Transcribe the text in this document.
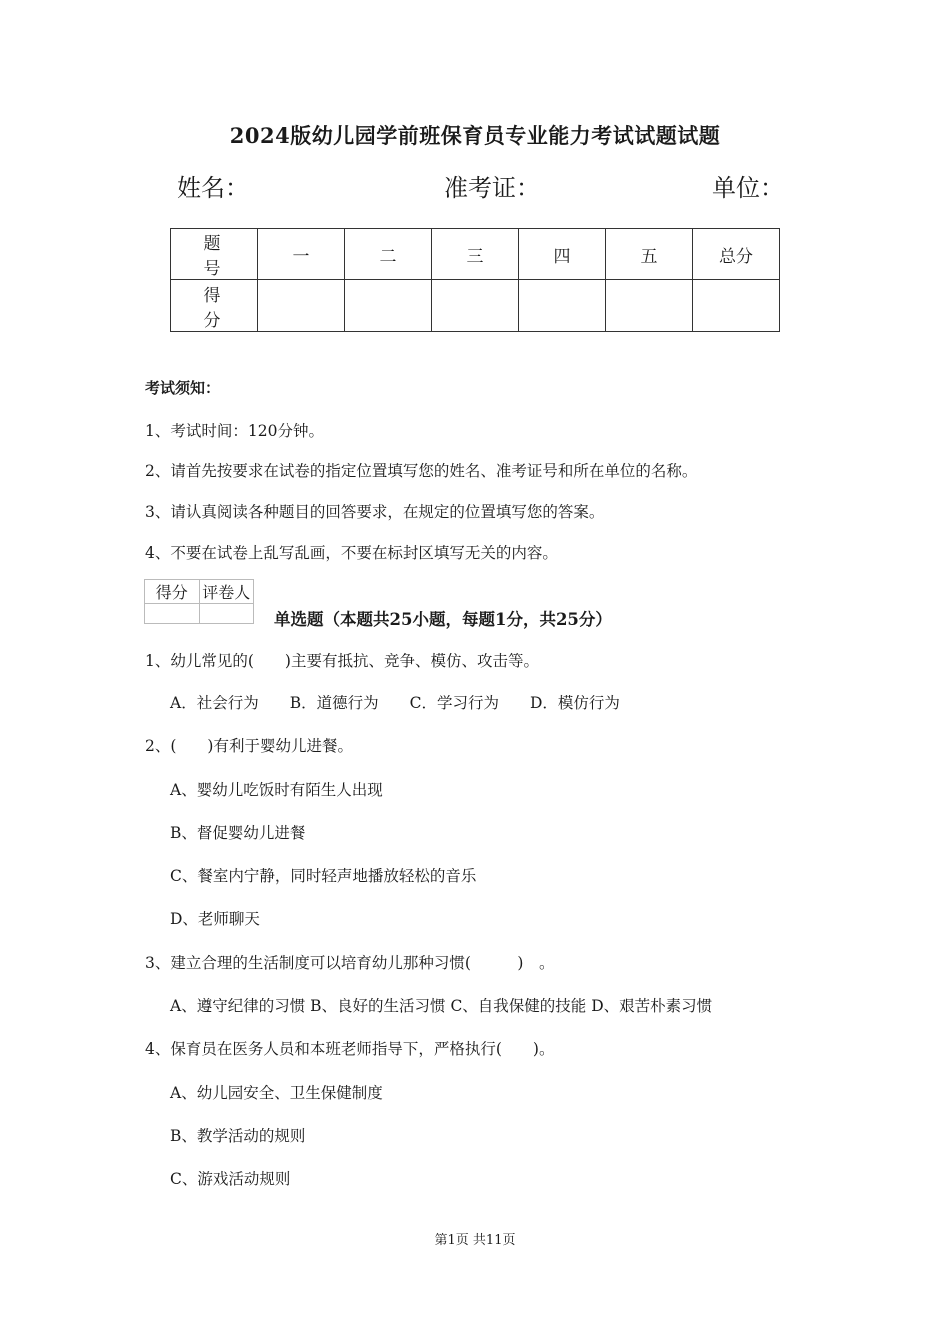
2024版幼儿园学前班保育员专业能力考试试题试题
姓名：	准考证：	单位：
题　号	一	二	三	四	五	总分
得　分						
考试须知：
1、考试时间：120分钟。
2、请首先按要求在试卷的指定位置填写您的姓名、准考证号和所在单位的名称。
3、请认真阅读各种题目的回答要求，在规定的位置填写您的答案。
4、不要在试卷上乱写乱画，不要在标封区填写无关的内容。
得分	评卷人

单选题（本题共25小题，每题1分，共25分）
1、幼儿常见的(　　)主要有抵抗、竞争、模仿、攻击等。
A．社会行为　　B．道德行为　　C．学习行为　　D．模仿行为
2、(　　)有利于婴幼儿进餐。
A、婴幼儿吃饭时有陌生人出现
B、督促婴幼儿进餐
C、餐室内宁静，同时轻声地播放轻松的音乐
D、老师聊天
3、建立合理的生活制度可以培育幼儿那种习惯(　　　)　。
A、遵守纪律的习惯 B、良好的生活习惯 C、自我保健的技能 D、艰苦朴素习惯
4、保育员在医务人员和本班老师指导下，严格执行(　　)。
A、幼儿园安全、卫生保健制度
B、教学活动的规则
C、游戏活动规则
第1页 共11页
